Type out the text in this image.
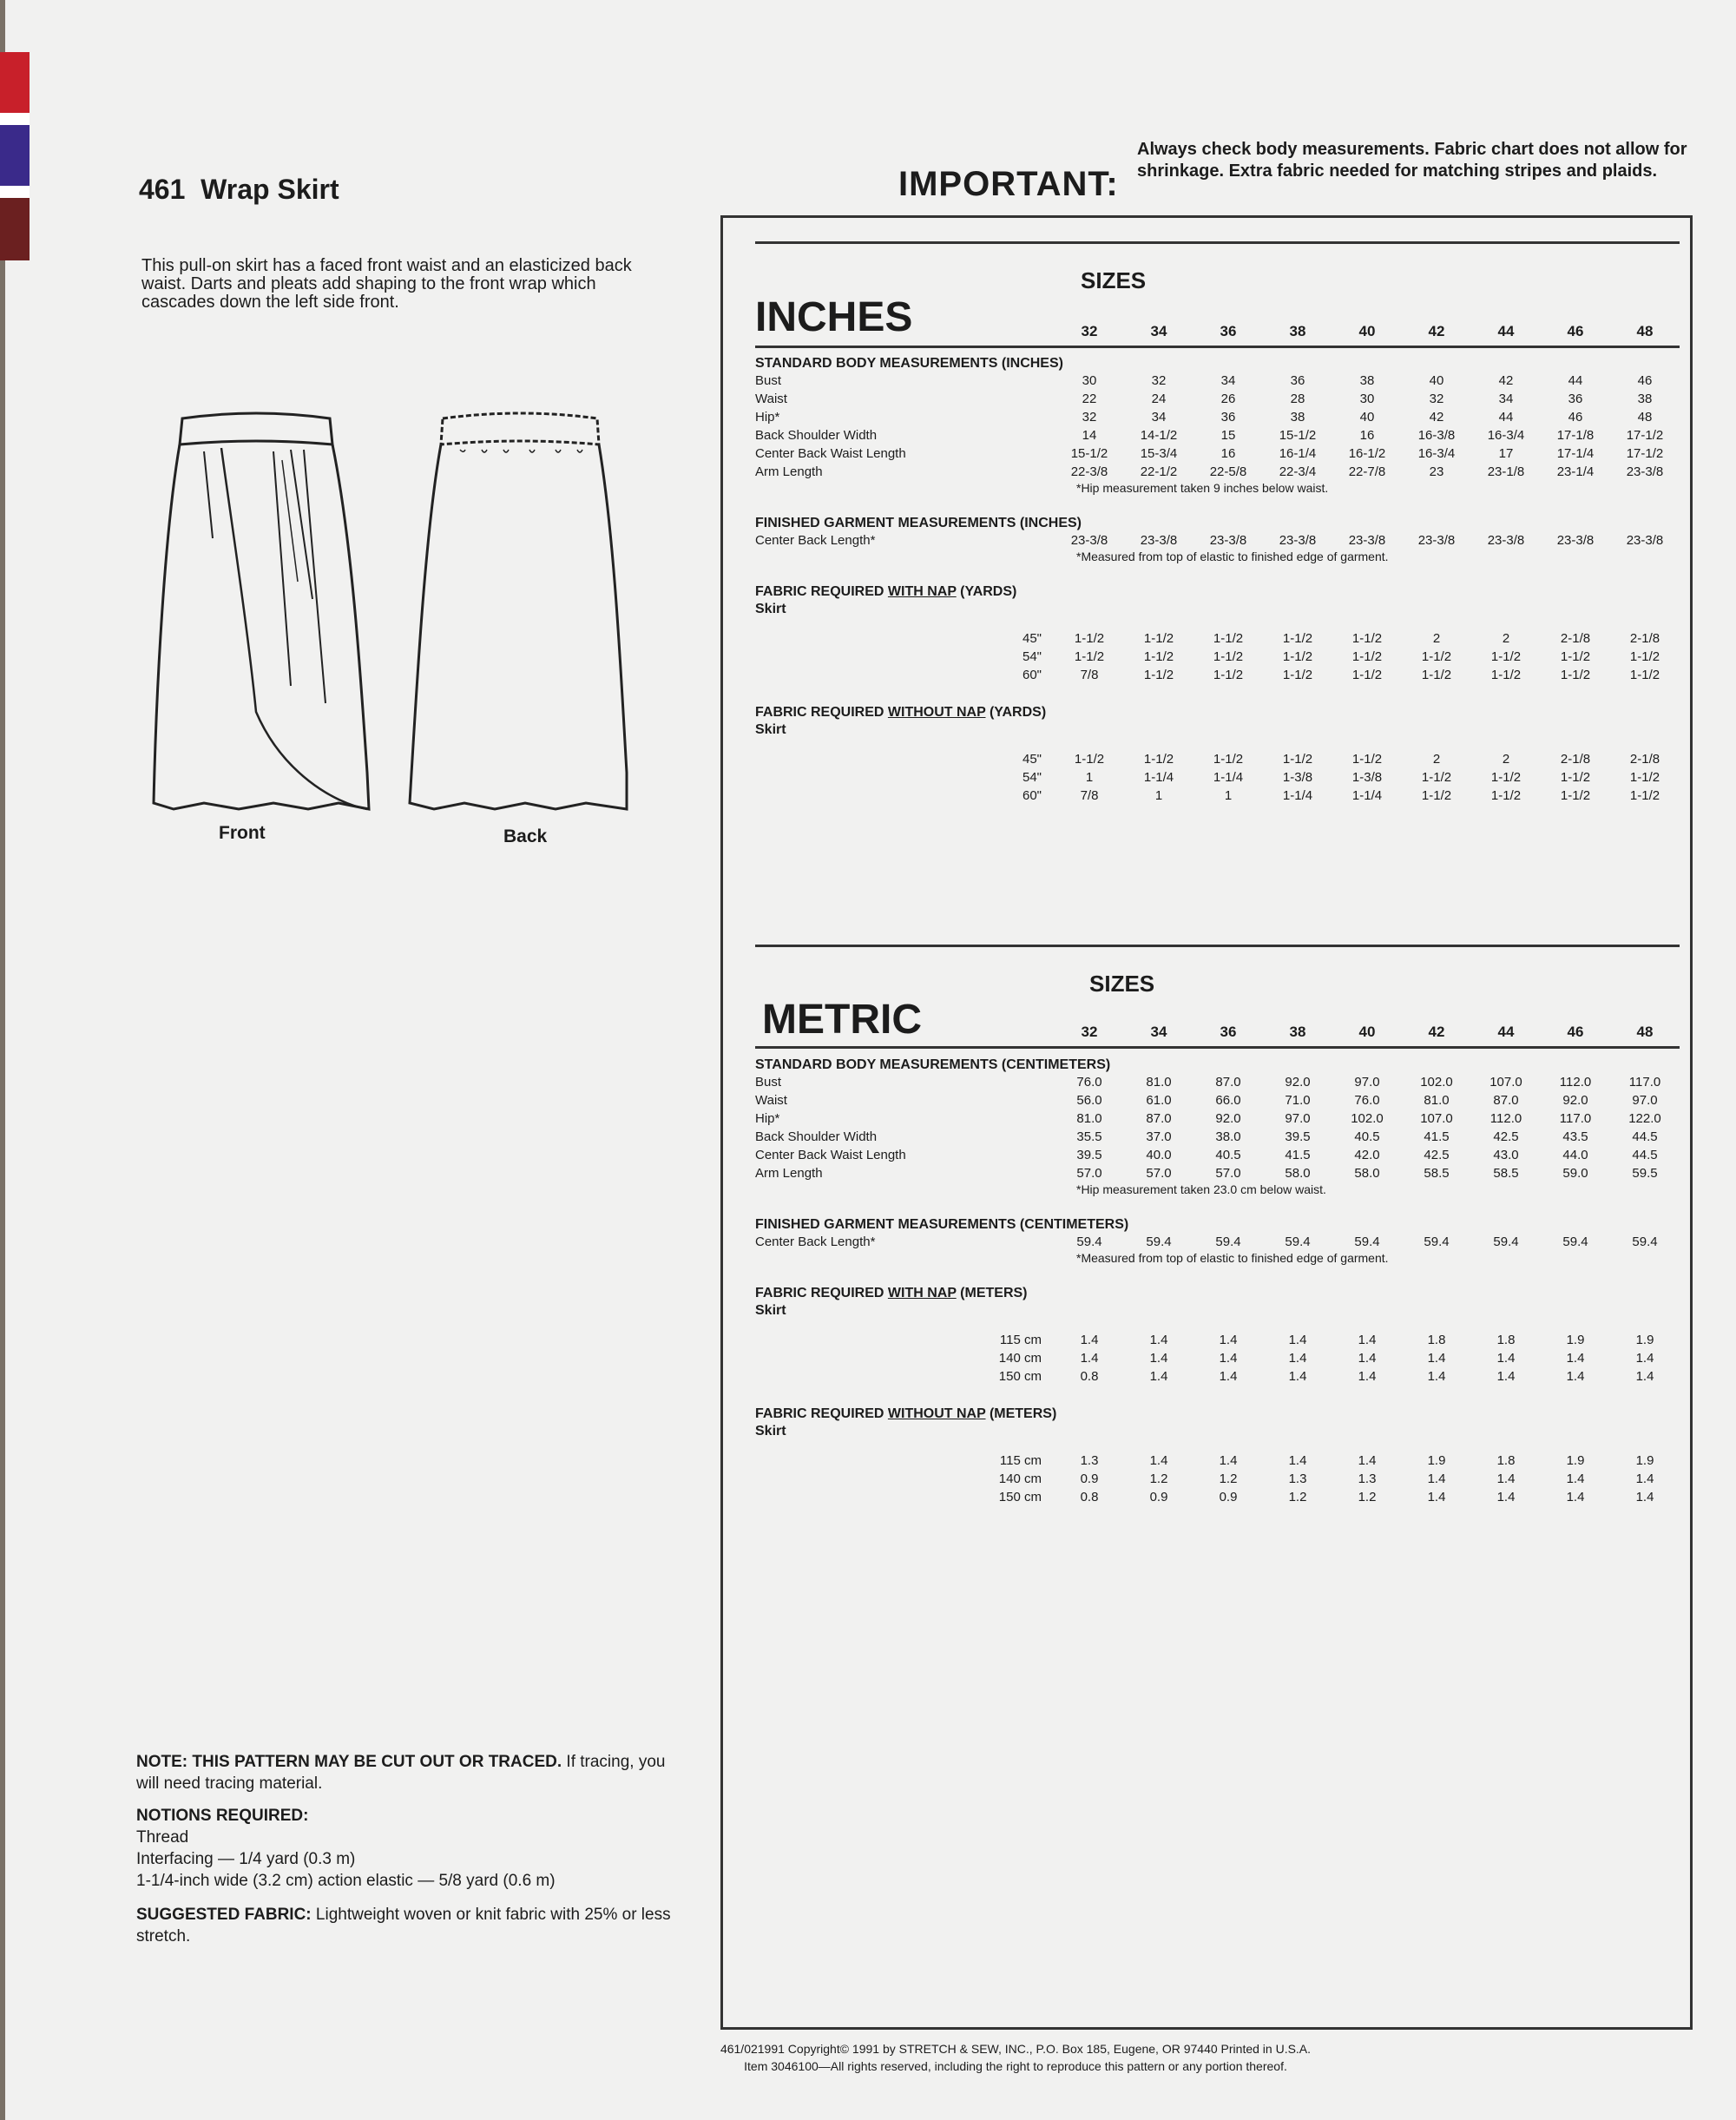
461  Wrap Skirt
This pull-on skirt has a faced front waist and an elasticized back waist. Darts and pleats add shaping to the front wrap which cascades down the left side front.
Front	Back
IMPORTANT:
Always check body measurements. Fabric chart does not allow for shrinkage. Extra fabric needed for matching stripes and plaids.
SIZES
INCHES	32	34	36	38	40	42	44	46	48
STANDARD BODY MEASUREMENTS (INCHES)
Bust	30	32	34	36	38	40	42	44	46
Waist	22	24	26	28	30	32	34	36	38
Hip*	32	34	36	38	40	42	44	46	48
Back Shoulder Width	14	14-1/2	15	15-1/2	16	16-3/8	16-3/4	17-1/8	17-1/2
Center Back Waist Length	15-1/2	15-3/4	16	16-1/4	16-1/2	16-3/4	17	17-1/4	17-1/2
Arm Length	22-3/8	22-1/2	22-5/8	22-3/4	22-7/8	23	23-1/8	23-1/4	23-3/8
*Hip measurement taken 9 inches below waist.
FINISHED GARMENT MEASUREMENTS (INCHES)
Center Back Length*	23-3/8	23-3/8	23-3/8	23-3/8	23-3/8	23-3/8	23-3/8	23-3/8	23-3/8
*Measured from top of elastic to finished edge of garment.
FABRIC REQUIRED WITH NAP (YARDS)
Skirt
45"	1-1/2	1-1/2	1-1/2	1-1/2	1-1/2	2	2	2-1/8	2-1/8
54"	1-1/2	1-1/2	1-1/2	1-1/2	1-1/2	1-1/2	1-1/2	1-1/2	1-1/2
60"	7/8	1-1/2	1-1/2	1-1/2	1-1/2	1-1/2	1-1/2	1-1/2	1-1/2
FABRIC REQUIRED WITHOUT NAP (YARDS)
Skirt
45"	1-1/2	1-1/2	1-1/2	1-1/2	1-1/2	2	2	2-1/8	2-1/8
54"	1	1-1/4	1-1/4	1-3/8	1-3/8	1-1/2	1-1/2	1-1/2	1-1/2
60"	7/8	1	1	1-1/4	1-1/4	1-1/2	1-1/2	1-1/2	1-1/2
SIZES
METRIC	32	34	36	38	40	42	44	46	48
STANDARD BODY MEASUREMENTS (CENTIMETERS)
Bust	76.0	81.0	87.0	92.0	97.0	102.0	107.0	112.0	117.0
Waist	56.0	61.0	66.0	71.0	76.0	81.0	87.0	92.0	97.0
Hip*	81.0	87.0	92.0	97.0	102.0	107.0	112.0	117.0	122.0
Back Shoulder Width	35.5	37.0	38.0	39.5	40.5	41.5	42.5	43.5	44.5
Center Back Waist Length	39.5	40.0	40.5	41.5	42.0	42.5	43.0	44.0	44.5
Arm Length	57.0	57.0	57.0	58.0	58.0	58.5	58.5	59.0	59.5
*Hip measurement taken 23.0 cm below waist.
FINISHED GARMENT MEASUREMENTS (CENTIMETERS)
Center Back Length*	59.4	59.4	59.4	59.4	59.4	59.4	59.4	59.4	59.4
*Measured from top of elastic to finished edge of garment.
FABRIC REQUIRED WITH NAP (METERS)
Skirt
115 cm	1.4	1.4	1.4	1.4	1.4	1.8	1.8	1.9	1.9
140 cm	1.4	1.4	1.4	1.4	1.4	1.4	1.4	1.4	1.4
150 cm	0.8	1.4	1.4	1.4	1.4	1.4	1.4	1.4	1.4
FABRIC REQUIRED WITHOUT NAP (METERS)
Skirt
115 cm	1.3	1.4	1.4	1.4	1.4	1.9	1.8	1.9	1.9
140 cm	0.9	1.2	1.2	1.3	1.3	1.4	1.4	1.4	1.4
150 cm	0.8	0.9	0.9	1.2	1.2	1.4	1.4	1.4	1.4
NOTE: THIS PATTERN MAY BE CUT OUT OR TRACED. If tracing, you will need tracing material.
NOTIONS REQUIRED:
Thread
Interfacing — 1/4 yard (0.3 m)
1-1/4-inch wide (3.2 cm) action elastic — 5/8 yard (0.6 m)
SUGGESTED FABRIC: Lightweight woven or knit fabric with 25% or less stretch.
461/021991 Copyright© 1991 by STRETCH & SEW, INC., P.O. Box 185, Eugene, OR 97440 Printed in U.S.A.
Item 3046100—All rights reserved, including the right to reproduce this pattern or any portion thereof.
